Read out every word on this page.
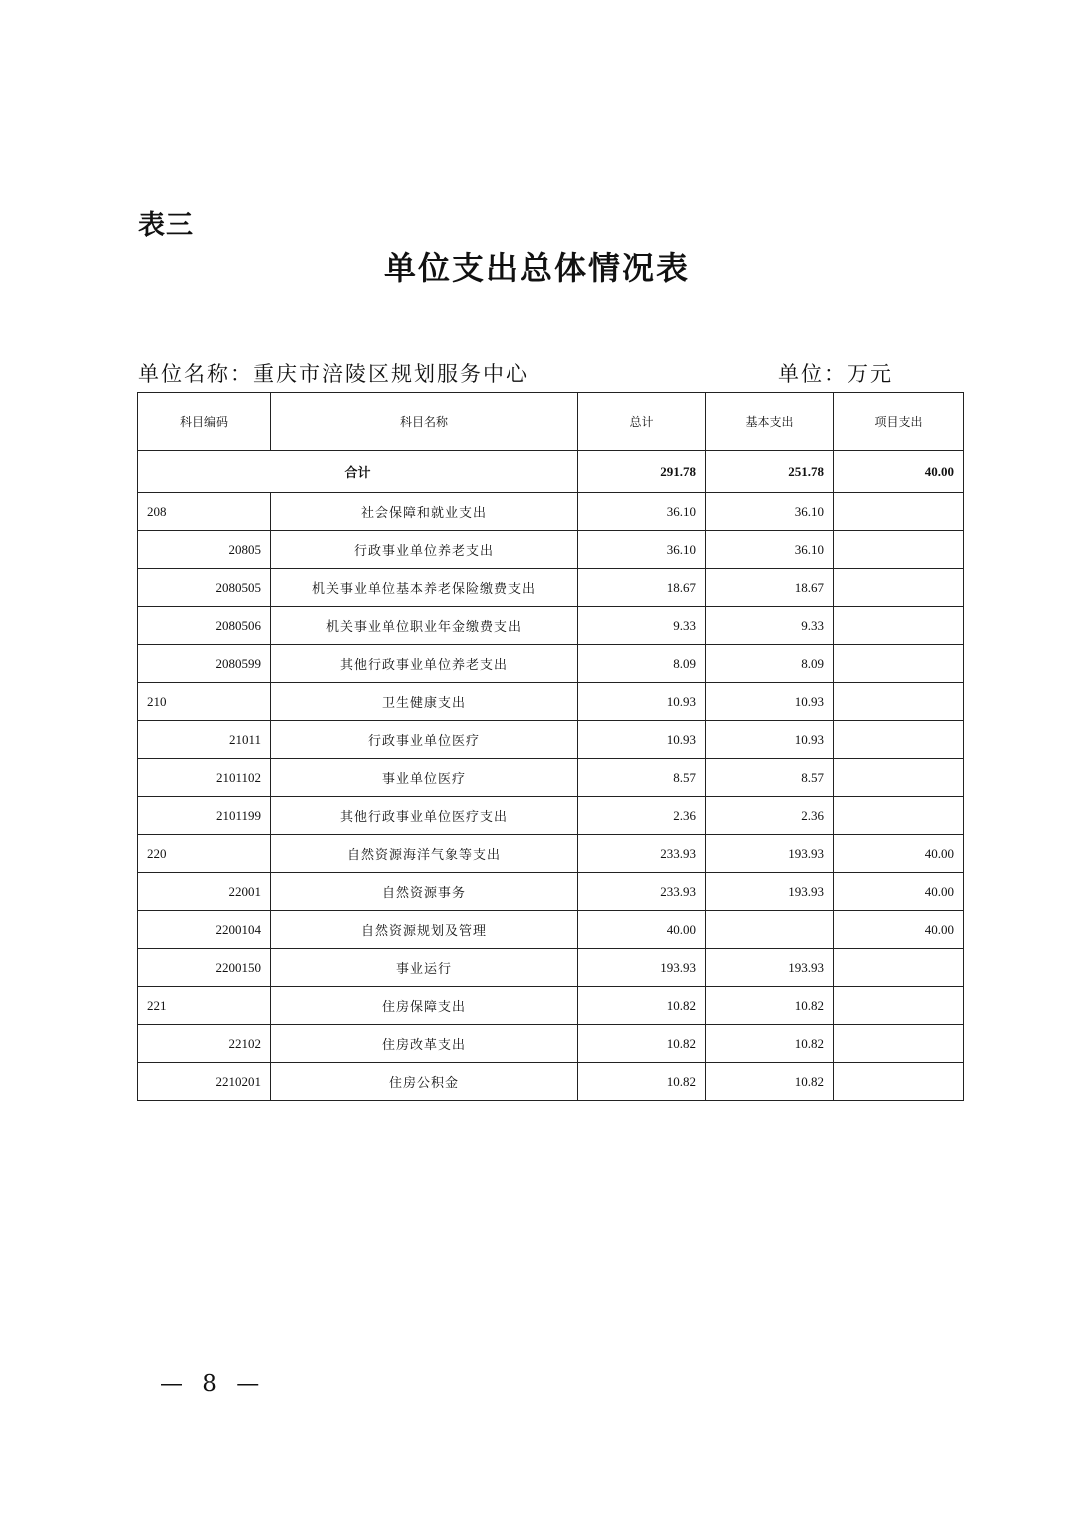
表三
单位支出总体情况表
单位名称：重庆市涪陵区规划服务中心	单位：万元
科目编码	科目名称	总计	基本支出	项目支出
合计		291.78	251.78	40.00
208	社会保障和就业支出	36.10	36.10	
20805	行政事业单位养老支出	36.10	36.10	
2080505	机关事业单位基本养老保险缴费支出	18.67	18.67	
2080506	机关事业单位职业年金缴费支出	9.33	9.33	
2080599	其他行政事业单位养老支出	8.09	8.09	
210	卫生健康支出	10.93	10.93	
21011	行政事业单位医疗	10.93	10.93	
2101102	事业单位医疗	8.57	8.57	
2101199	其他行政事业单位医疗支出	2.36	2.36	
220	自然资源海洋气象等支出	233.93	193.93	40.00
22001	自然资源事务	233.93	193.93	40.00
2200104	自然资源规划及管理	40.00		40.00
2200150	事业运行	193.93	193.93	
221	住房保障支出	10.82	10.82	
22102	住房改革支出	10.82	10.82	
2210201	住房公积金	10.82	10.82	
— 8 —
